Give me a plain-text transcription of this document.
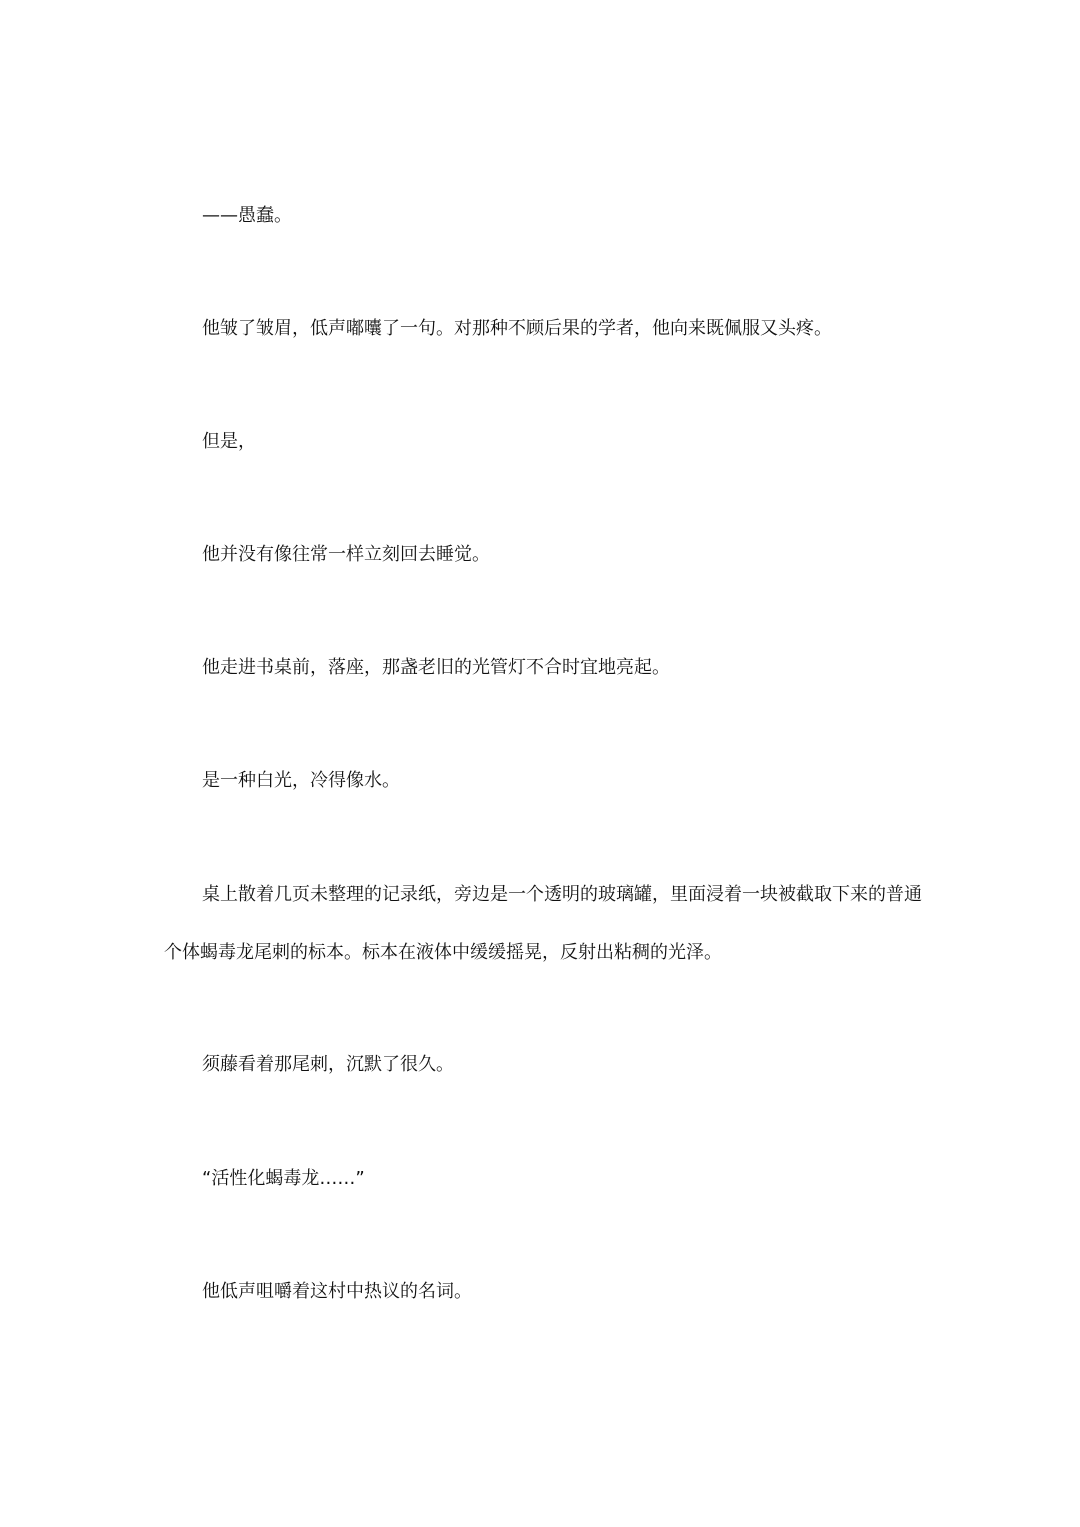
——愚蠢。

他皱了皱眉，低声嘟囔了一句。对那种不顾后果的学者，他向来既佩服又头疼。

但是，

他并没有像往常一样立刻回去睡觉。

他走进书桌前，落座，那盏老旧的光管灯不合时宜地亮起。

是一种白光，冷得像水。

桌上散着几页未整理的记录纸，旁边是一个透明的玻璃罐，里面浸着一块被截取下来的普通个体蝎毒龙尾刺的标本。标本在液体中缓缓摇晃，反射出粘稠的光泽。

须藤看着那尾刺，沉默了很久。

“活性化蝎毒龙……”

他低声咀嚼着这村中热议的名词。
